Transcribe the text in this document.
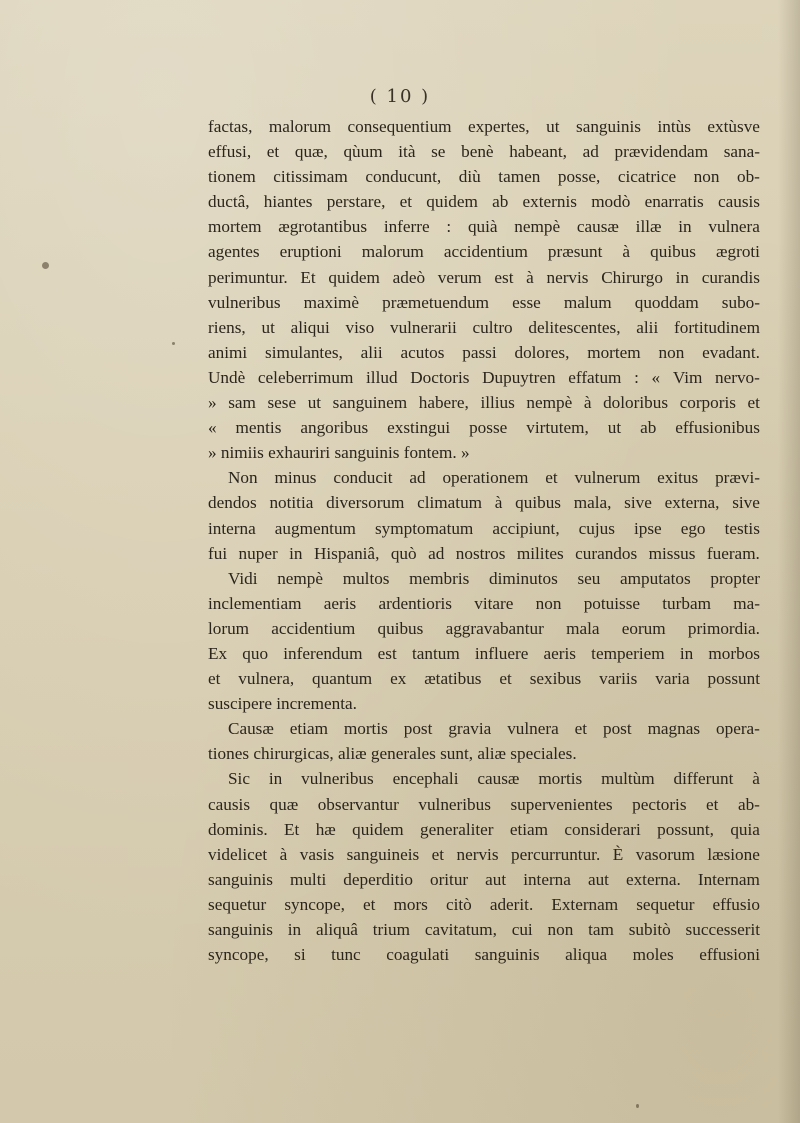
( 10 )
factas, malorum consequentium expertes, ut sanguinis intùs extùsve
effusi, et quæ, qùum ità se benè habeant, ad prævidendam sana-
tionem citissimam conducunt, diù tamen posse, cicatrice non ob-
ductâ, hiantes perstare, et quidem ab externis modò enarratis causis
mortem ægrotantibus inferre : quià nempè causæ illæ in vulnera
agentes eruptioni malorum accidentium præsunt à quibus ægroti
perimuntur. Et quidem adeò verum est à nervis Chirurgo in curandis
vulneribus maximè præmetuendum esse malum quoddam subo-
riens, ut aliqui viso vulnerarii cultro delitescentes, alii fortitudinem
animi simulantes, alii acutos passi dolores, mortem non evadant.
Undè celeberrimum illud Doctoris Dupuytren effatum : « Vim nervo-
» sam sese ut sanguinem habere, illius nempè à doloribus corporis et
« mentis angoribus exstingui posse virtutem, ut ab effusionibus
» nimiis exhauriri sanguinis fontem. »
Non minus conducit ad operationem et vulnerum exitus prævi-
dendos notitia diversorum climatum à quibus mala, sive externa, sive
interna augmentum symptomatum accipiunt, cujus ipse ego testis
fui nuper in Hispaniâ, quò ad nostros milites curandos missus fueram.
Vidi nempè multos membris diminutos seu amputatos propter
inclementiam aeris ardentioris vitare non potuisse turbam ma-
lorum accidentium quibus aggravabantur mala eorum primordia.
Ex quo inferendum est tantum influere aeris temperiem in morbos
et vulnera, quantum ex ætatibus et sexibus variis varia possunt
suscipere incrementa.
Causæ etiam mortis post gravia vulnera et post magnas opera-
tiones chirurgicas, aliæ generales sunt, aliæ speciales.
Sic in vulneribus encephali causæ mortis multùm differunt à
causis quæ observantur vulneribus supervenientes pectoris et ab-
dominis. Et hæ quidem generaliter etiam considerari possunt, quia
videlicet à vasis sanguineis et nervis percurruntur. È vasorum læsione
sanguinis multi deperditio oritur aut interna aut externa. Internam
sequetur syncope, et mors citò aderit. Externam sequetur effusio
sanguinis in aliquâ trium cavitatum, cui non tam subitò successerit
syncope, si tunc coagulati sanguinis aliqua moles effusioni
